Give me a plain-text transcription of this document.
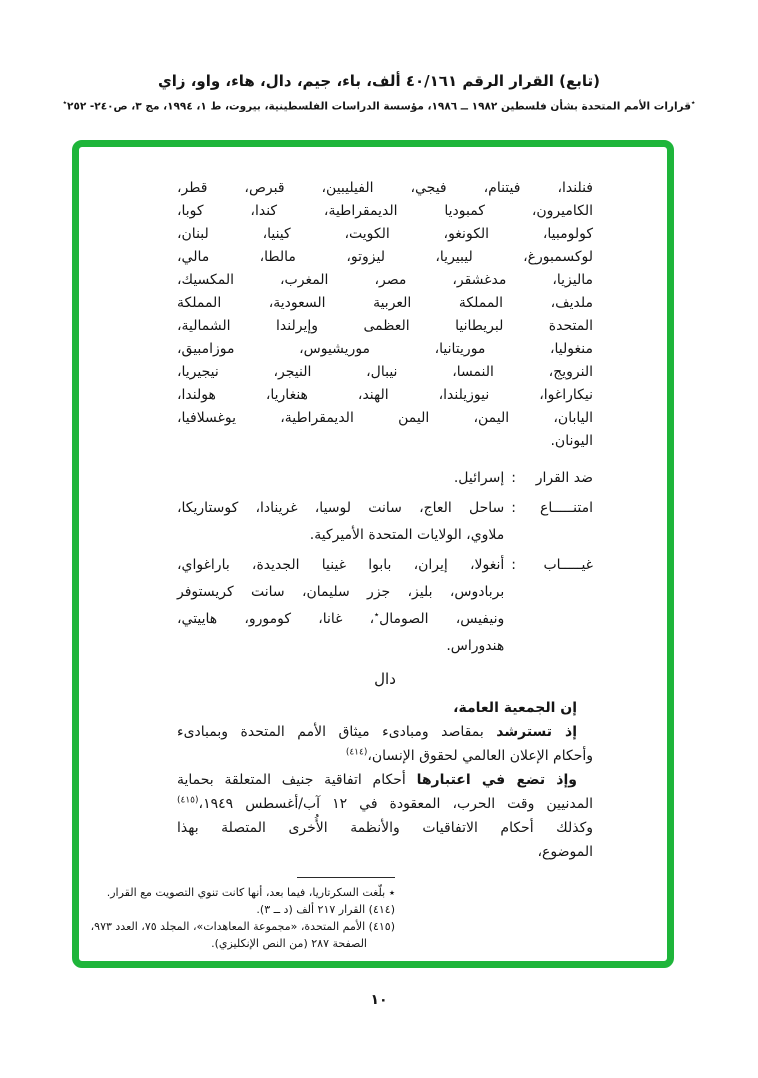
(تابع) القرار الرقم ٤٠/١٦١ ألف، باء، جيم، دال، هاء، واو، زاي
٭قرارات الأمم المتحدة بشأن فلسطين ١٩٨٢ ــ ١٩٨٦، مؤسسة الدراسات الفلسطينية، بيروت، ط ١، ١٩٩٤، مج ٣، ص٢٤٠- ٢٥٢٭
فنلندا، فيتنام، فيجي، الفيليبين، قبرص، قطر،
الكاميرون، كمبوديا الديمقراطية، كندا، كوبا،
كولومبيا، الكونغو، الكويت، كينيا، لبنان،
لوكسمبورغ، ليبيريا، ليزوتو، مالطا، مالي،
ماليزيا، مدغشقر، مصر، المغرب، المكسيك،
ملديف، المملكة العربية السعودية، المملكة
المتحدة لبريطانيا العظمى وإيرلندا الشمالية،
منغوليا، موريتانيا، موريشيوس، موزامبيق،
النرويج، النمسا، نيبال، النيجر، نيجيريا،
نيكاراغوا، نيوزيلندا، الهند، هنغاريا، هولندا،
اليابان، اليمن، اليمن الديمقراطية، يوغسلافيا،
اليونان.
ضد القرار
:
إسرائيل.
امتنـــــاع
:
ساحل العاج، سانت لوسيا، غرينادا، كوستاريكا،
ملاوي، الولايات المتحدة الأميركية.
غيـــــاب
:
أنغولا، إيران، بابوا غينيا الجديدة، باراغواي،
بربادوس، بليز، جزر سليمان، سانت كريستوفر
ونيفيس، الصومال٭، غانا، كومورو، هاييتي،
هندوراس.
دال
إن الجمعية العامة،
إذ تسترشد بمقاصد ومبادىء ميثاق الأمم المتحدة وبمبادىء
وأحكام الإعلان العالمي لحقوق الإنسان،$^{(٤١٤)}$
وإذ تضع في اعتبارها أحكام اتفاقية جنيف المتعلقة بحماية
المدنيين وقت الحرب، المعقودة في ١٢ آب/أغسطس ١٩٤٩،$^{(٤١٥)}$
وكذلك أحكام الاتفاقيات والأنظمة الأُخرى المتصلة بهذا
الموضوع،
٭ بلّغت السكرتاريا، فيما بعد، أنها كانت تنوي التصويت مع القرار.
(٤١٤) القرار ٢١٧ ألف (د ــ ٣).
(٤١٥) الأمم المتحدة، «مجموعة المعاهدات»، المجلد ٧٥، العدد ٩٧٣،
الصفحة ٢٨٧ (من النص الإنكليزي).
١٠
